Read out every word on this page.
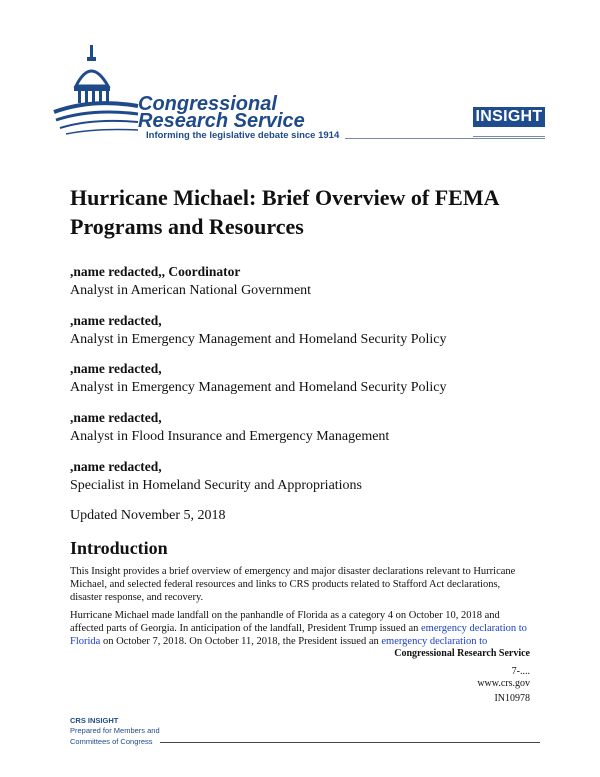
Congressional
Research Service
Informing the legislative debate since 1914
INSIGHT
Hurricane Michael: Brief Overview of FEMA Programs and Resources
,name redacted,, Coordinator
Analyst in American National Government
,name redacted,
Analyst in Emergency Management and Homeland Security Policy
,name redacted,
Analyst in Emergency Management and Homeland Security Policy
,name redacted,
Analyst in Flood Insurance and Emergency Management
,name redacted,
Specialist in Homeland Security and Appropriations
Updated November 5, 2018
Introduction

This Insight provides a brief overview of emergency and major disaster declarations relevant to Hurricane Michael, and selected federal resources and links to CRS products related to Stafford Act declarations, disaster response, and recovery.

Hurricane Michael made landfall on the panhandle of Florida as a category 4 on October 10, 2018 and affected parts of Georgia. In anticipation of the landfall, President Trump issued an emergency declaration to Florida on October 7, 2018. On October 11, 2018, the President issued an emergency declaration to

Congressional Research Service
7-....
www.crs.gov
IN10978
CRS INSIGHT
Prepared for Members and
Committees of Congress
